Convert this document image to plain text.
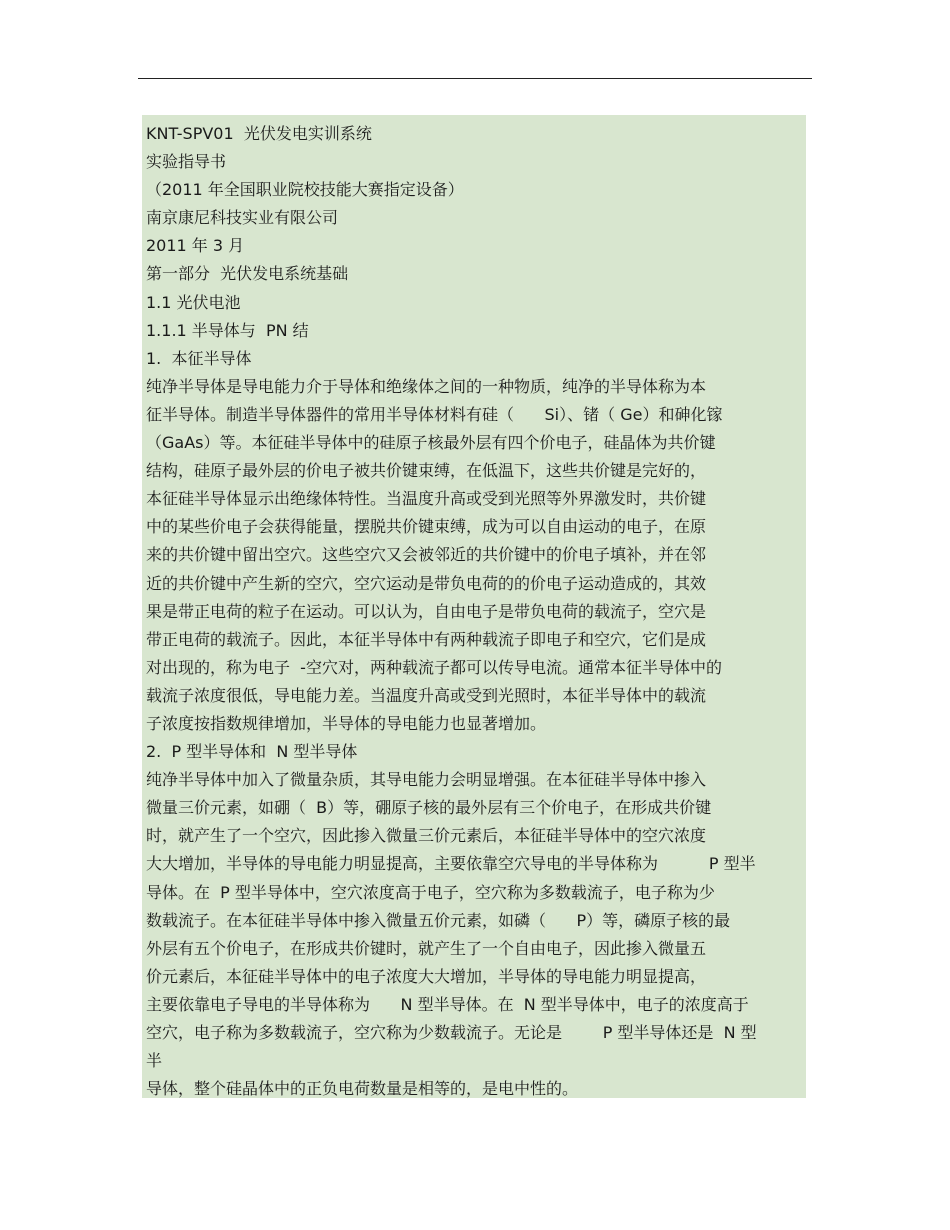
KNT-SPV01  光伏发电实训系统
实验指导书
（2011 年全国职业院校技能大赛指定设备）
南京康尼科技实业有限公司
2011 年 3 月
第一部分  光伏发电系统基础
1.1 光伏电池
1.1.1 半导体与  PN 结
1.  本征半导体
纯净半导体是导电能力介于导体和绝缘体之间的一种物质，纯净的半导体称为本
征半导体。制造半导体器件的常用半导体材料有硅（      Si）、锗（ Ge）和砷化镓
（GaAs）等。本征硅半导体中的硅原子核最外层有四个价电子，硅晶体为共价键
结构，硅原子最外层的价电子被共价键束缚，在低温下，这些共价键是完好的，
本征硅半导体显示出绝缘体特性。当温度升高或受到光照等外界激发时，共价键
中的某些价电子会获得能量，摆脱共价键束缚，成为可以自由运动的电子，在原
来的共价键中留出空穴。这些空穴又会被邻近的共价键中的价电子填补，并在邻
近的共价键中产生新的空穴，空穴运动是带负电荷的的价电子运动造成的，其效
果是带正电荷的粒子在运动。可以认为，自由电子是带负电荷的载流子，空穴是
带正电荷的载流子。因此，本征半导体中有两种载流子即电子和空穴，它们是成
对出现的，称为电子  -空穴对，两种载流子都可以传导电流。通常本征半导体中的
载流子浓度很低，导电能力差。当温度升高或受到光照时，本征半导体中的载流
子浓度按指数规律增加，半导体的导电能力也显著增加。
2.  P 型半导体和  N 型半导体
纯净半导体中加入了微量杂质，其导电能力会明显增强。在本征硅半导体中掺入
微量三价元素，如硼（  B）等，硼原子核的最外层有三个价电子，在形成共价键
时，就产生了一个空穴，因此掺入微量三价元素后，本征硅半导体中的空穴浓度
大大增加，半导体的导电能力明显提高，主要依靠空穴导电的半导体称为          P 型半
导体。在  P 型半导体中，空穴浓度高于电子，空穴称为多数载流子，电子称为少
数载流子。在本征硅半导体中掺入微量五价元素，如磷（      P）等，磷原子核的最
外层有五个价电子，在形成共价键时，就产生了一个自由电子，因此掺入微量五
价元素后，本征硅半导体中的电子浓度大大增加，半导体的导电能力明显提高，
主要依靠电子导电的半导体称为      N 型半导体。在  N 型半导体中，电子的浓度高于
空穴，电子称为多数载流子，空穴称为少数载流子。无论是        P 型半导体还是  N 型
半
导体，整个硅晶体中的正负电荷数量是相等的，是电中性的。
